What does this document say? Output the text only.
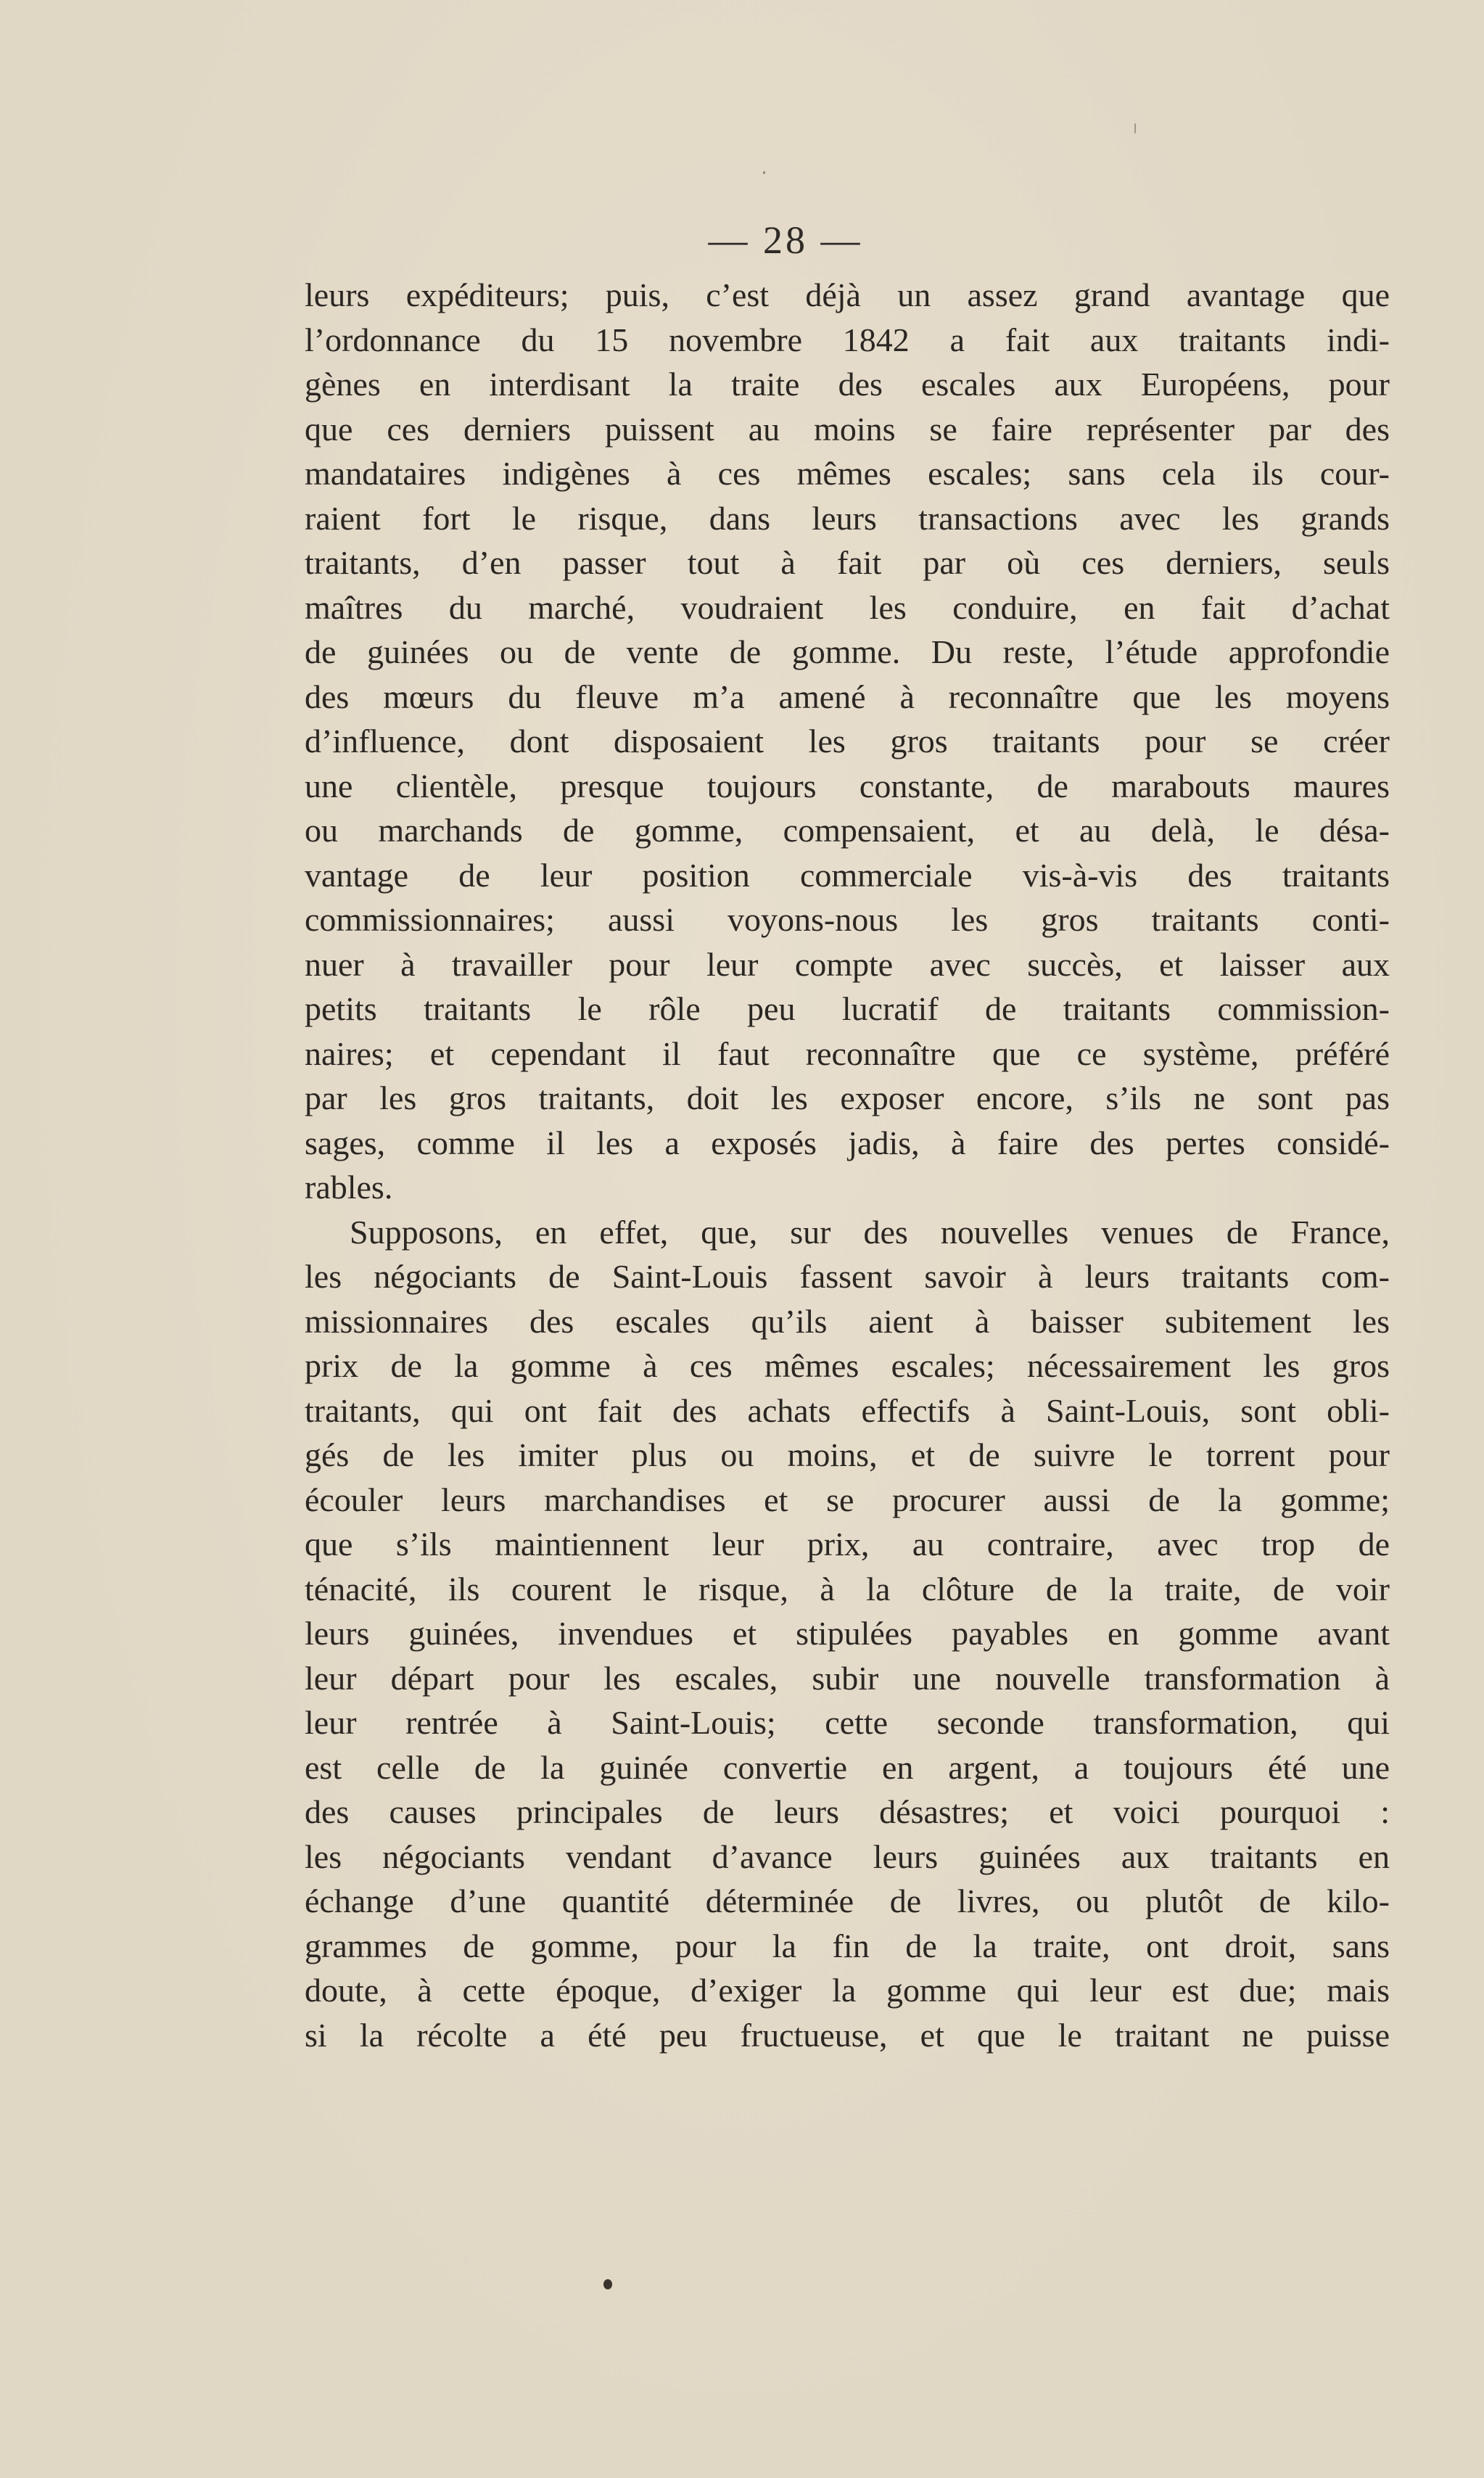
— 28 —
leurs expéditeurs; puis, c’est déjà un assez grand avantage que
l’ordonnance du 15 novembre 1842 a fait aux traitants indi-
gènes en interdisant la traite des escales aux Européens, pour
que ces derniers puissent au moins se faire représenter par des
mandataires indigènes à ces mêmes escales; sans cela ils cour-
raient fort le risque, dans leurs transactions avec les grands
traitants, d’en passer tout à fait par où ces derniers, seuls
maîtres du marché, voudraient les conduire, en fait d’achat
de guinées ou de vente de gomme. Du reste, l’étude approfondie
des mœurs du fleuve m’a amené à reconnaître que les moyens
d’influence, dont disposaient les gros traitants pour se créer
une clientèle, presque toujours constante, de marabouts maures
ou marchands de gomme, compensaient, et au delà, le désa-
vantage de leur position commerciale vis-à-vis des traitants
commissionnaires; aussi voyons-nous les gros traitants conti-
nuer à travailler pour leur compte avec succès, et laisser aux
petits traitants le rôle peu lucratif de traitants commission-
naires; et cependant il faut reconnaître que ce système, préféré
par les gros traitants, doit les exposer encore, s’ils ne sont pas
sages, comme il les a exposés jadis, à faire des pertes considé-
rables.
Supposons, en effet, que, sur des nouvelles venues de France,
les négociants de Saint-Louis fassent savoir à leurs traitants com-
missionnaires des escales qu’ils aient à baisser subitement les
prix de la gomme à ces mêmes escales; nécessairement les gros
traitants, qui ont fait des achats effectifs à Saint-Louis, sont obli-
gés de les imiter plus ou moins, et de suivre le torrent pour
écouler leurs marchandises et se procurer aussi de la gomme;
que s’ils maintiennent leur prix, au contraire, avec trop de
ténacité, ils courent le risque, à la clôture de la traite, de voir
leurs guinées, invendues et stipulées payables en gomme avant
leur départ pour les escales, subir une nouvelle transformation à
leur rentrée à Saint-Louis; cette seconde transformation, qui
est celle de la guinée convertie en argent, a toujours été une
des causes principales de leurs désastres; et voici pourquoi :
les négociants vendant d’avance leurs guinées aux traitants en
échange d’une quantité déterminée de livres, ou plutôt de kilo-
grammes de gomme, pour la fin de la traite, ont droit, sans
doute, à cette époque, d’exiger la gomme qui leur est due; mais
si la récolte a été peu fructueuse, et que le traitant ne puisse
